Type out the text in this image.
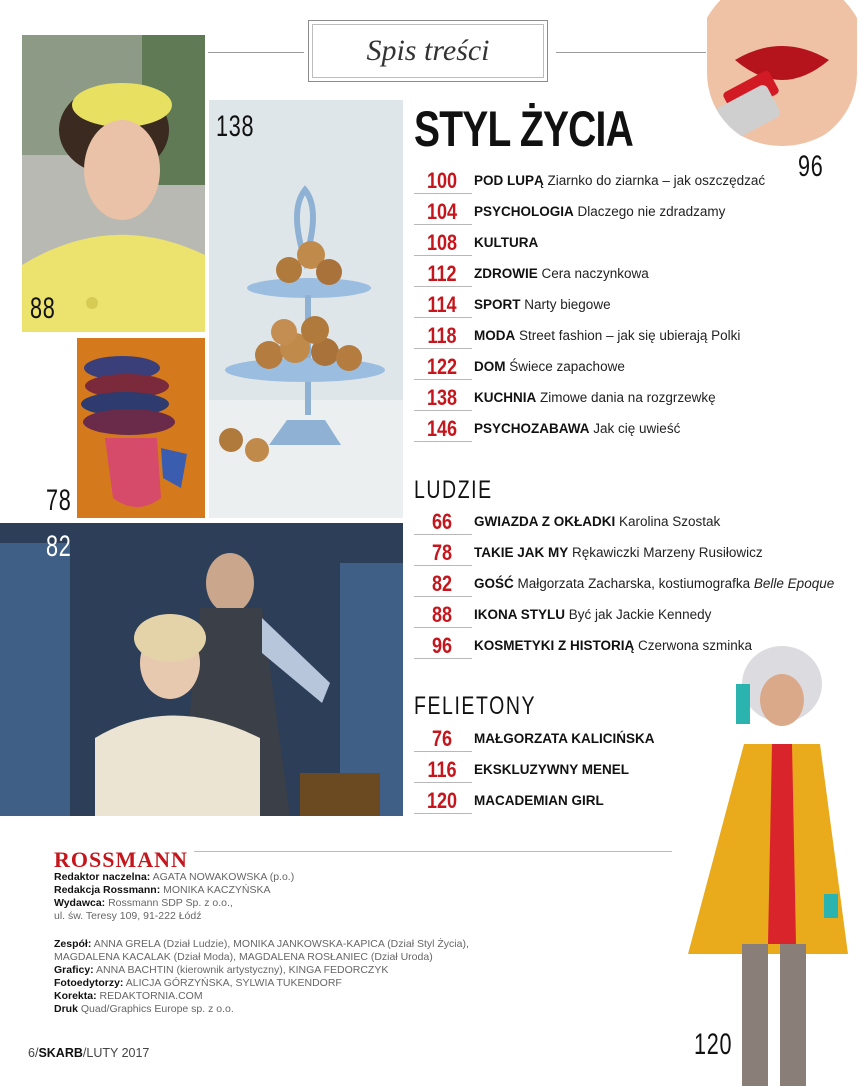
Spis treści
88
96
138
78
82
120
STYL ŻYCIA
100	POD LUPĄ Ziarnko do ziarnka – jak oszczędzać
104	PSYCHOLOGIA Dlaczego nie zdradzamy
108	KULTURA
112	ZDROWIE Cera naczynkowa
114	SPORT Narty biegowe
118	MODA Street fashion – jak się ubierają Polki
122	DOM Świece zapachowe
138	KUCHNIA Zimowe dania na rozgrzewkę
146	PSYCHOZABAWA Jak cię uwieść
LUDZIE
66	GWIAZDA Z OKŁADKI Karolina Szostak
78	TAKIE JAK MY Rękawiczki Marzeny Rusiłowicz
82	GOŚĆ Małgorzata Zacharska, kostiumografka Belle Epoque
88	IKONA STYLU Być jak Jackie Kennedy
96	KOSMETYKI Z HISTORIĄ Czerwona szminka
FELIETONY
76	MAŁGORZATA KALICIŃSKA
116	EKSKLUZYWNY MENEL
120	MACADEMIAN GIRL
ROSSMANN
Redaktor naczelna: AGATA NOWAKOWSKA (p.o.)
Redakcja Rossmann: MONIKA KACZYŃSKA
Wydawca: Rossmann SDP Sp. z o.o.,
ul. św. Teresy 109, 91-222 Łódź
Zespół: ANNA GRELA (Dział Ludzie), MONIKA JANKOWSKA-KAPICA (Dział Styl Życia),
MAGDALENA KACALAK (Dział Moda), MAGDALENA ROSŁANIEC (Dział Uroda)
Graficy: ANNA BACHTIN (kierownik artystyczny), KINGA FEDORCZYK
Fotoedytorzy: ALICJA GÓRZYŃSKA, SYLWIA TUKENDORF
Korekta: REDAKTORNIA.COM
Druk Quad/Graphics Europe sp. z o.o.
6/SKARB/LUTY 2017
